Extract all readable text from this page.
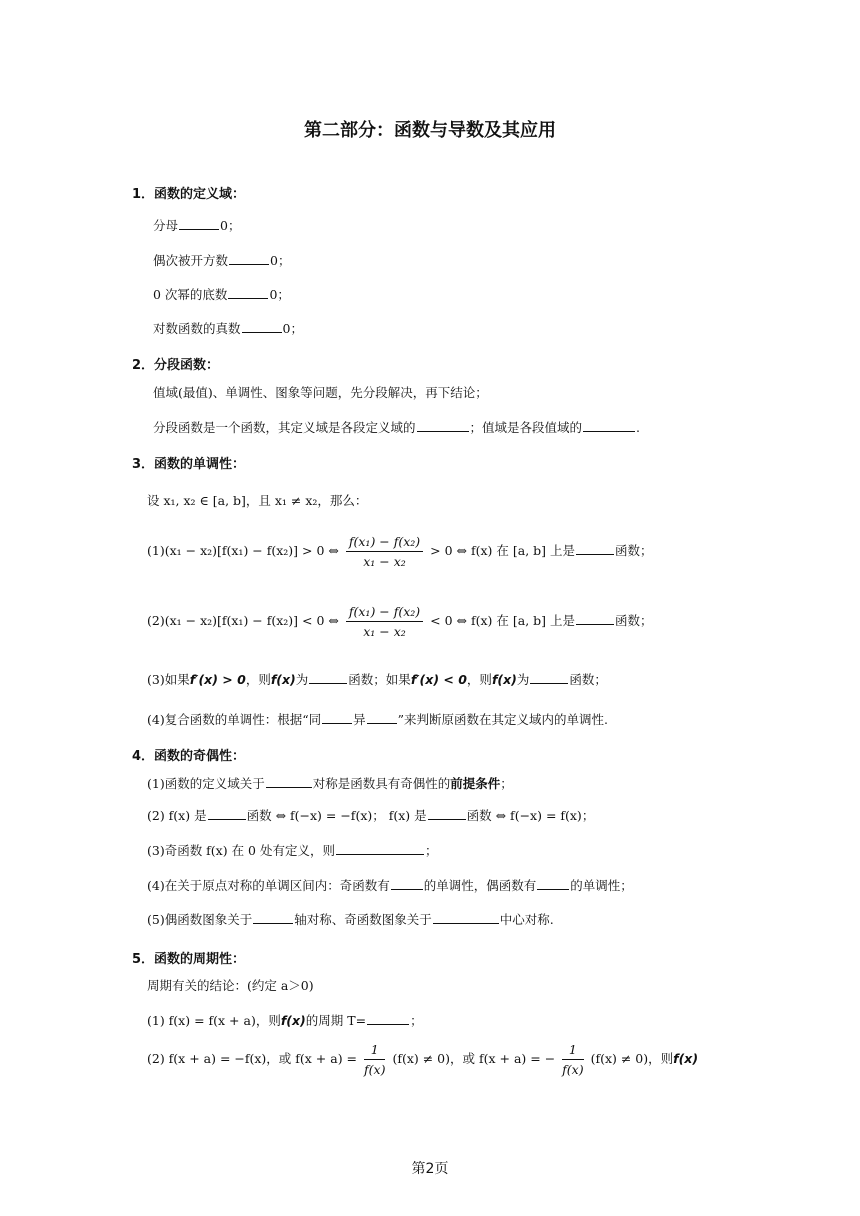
第二部分：函数与导数及其应用
1．函数的定义域：
分母	0；
偶次被开方数	0；
0 次幂的底数	0；
对数函数的真数	0；
2．分段函数：
值域(最值)、单调性、图象等问题，先分段解决，再下结论；
分段函数是一个函数，其定义域是各段定义域的	；值域是各段值域的	.
3．函数的单调性：
设 x₁, x₂ ∈ [a, b]，且 x₁ ≠ x₂，那么：
(1)(x₁ − x₂)[f(x₁) − f(x₂)] > 0 ⇔ $\frac{\text{f(x₁) − f(x₂)}}{\text{x₁ − x₂}} > 0$ ⇔ f(x) 在 [a, b] 上是	函数；
(2)(x₁ − x₂)[f(x₁) − f(x₂)] < 0 ⇔ $\frac{\text{f(x₁) − f(x₂)}}{\text{x₁ − x₂}} < 0$ ⇔ f(x) 在 [a, b] 上是	函数；
(3)如果f′(x) > 0，则f(x)为	函数；如果f′(x) < 0，则f(x)为	函数；
(4)复合函数的单调性：根据“同	异	”来判断原函数在其定义域内的单调性.
4．函数的奇偶性：
(1)函数的定义域关于	对称是函数具有奇偶性的前提条件；
(2) f(x) 是	函数 ⇔ f(−x) = −f(x)； f(x) 是	函数 ⇔ f(−x) = f(x)；
(3)奇函数 f(x) 在 0 处有定义，则	；
(4)在关于原点对称的单调区间内：奇函数有	的单调性，偶函数有	的单调性；
(5)偶函数图象关于	轴对称、奇函数图象关于	中心对称.
5．函数的周期性：
周期有关的结论：(约定 a＞0)
(1) f(x) = f(x + a)，则f(x)的周期 T=	；
(2) f(x + a) = −f(x)，或 $f(x + a) = \frac{1}{f(x)} (f(x) \ne 0)$，或 f(x + a) = − $\frac{1}{f(x)} (f(x) \ne 0)$，则f(x)
第2页
